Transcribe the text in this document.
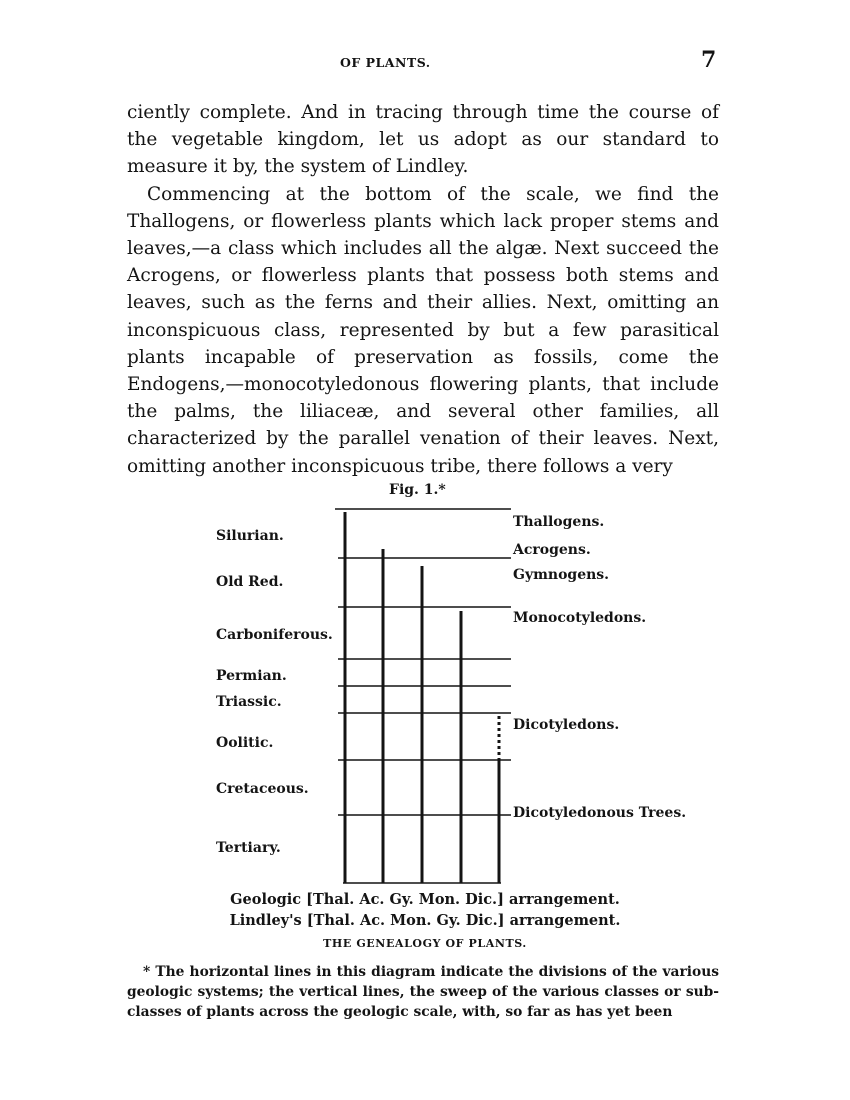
OF PLANTS.	7

ciently complete. And in tracing through time the course of the vegetable kingdom, let us adopt as our standard to measure it by, the system of Lindley.

Commencing at the bottom of the scale, we find the Thallogens, or flowerless plants which lack proper stems and leaves,—a class which includes all the algæ. Next succeed the Acrogens, or flowerless plants that possess both stems and leaves, such as the ferns and their allies. Next, omitting an inconspicuous class, represented by but a few parasitical plants incapable of preservation as fossils, come the Endogens,—monocotyledonous flowering plants, that include the palms, the liliaceæ, and several other families, all characterized by the parallel venation of their leaves. Next, omitting another inconspicuous tribe, there follows a very

Fig. 1.*
Silurian.
Old Red.
Carboniferous.
Permian.
Triassic.
Oolitic.
Cretaceous.
Tertiary.
Thallogens.
Acrogens.
Gymnogens.
Monocotyledons.
Dicotyledons.
Dicotyledonous Trees.
Geologic [Thal. Ac. Gy. Mon. Dic.] arrangement.
Lindley's [Thal. Ac. Mon. Gy. Dic.] arrangement.
THE GENEALOGY OF PLANTS.
* The horizontal lines in this diagram indicate the divisions of the various geologic systems; the vertical lines, the sweep of the various classes or sub-classes of plants across the geologic scale, with, so far as has yet been
